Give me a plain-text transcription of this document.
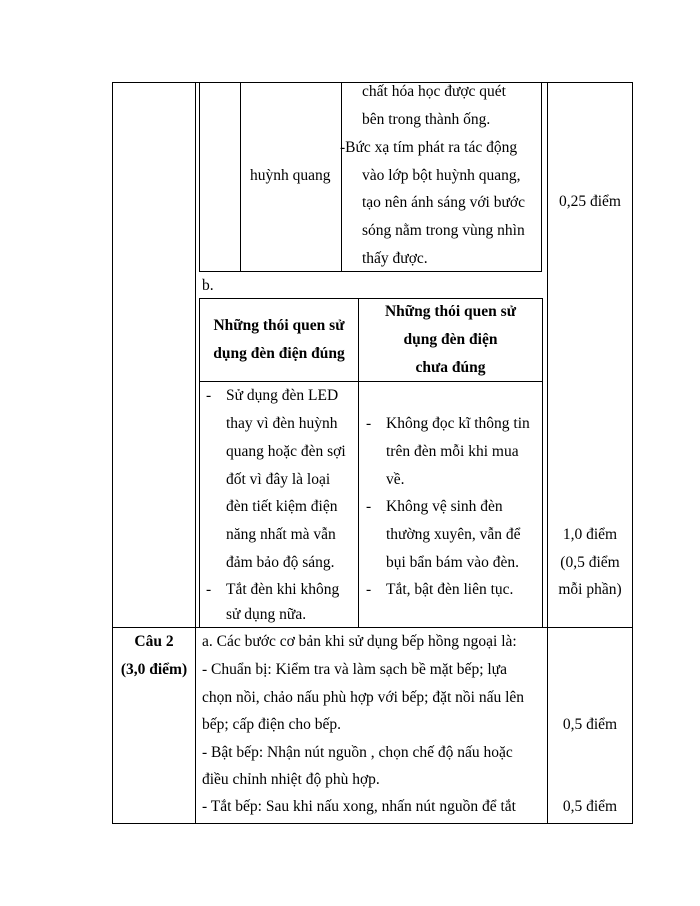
huỳnh quang
chất hóa học được quét
bên trong thành ống.
-Bức xạ tím phát ra tác động
vào lớp bột huỳnh quang,
tạo nên ánh sáng với bước
sóng nằm trong vùng nhìn
thấy được.
0,25 điểm
b.
Những thói quen sử
dụng đèn điện đúng
Những thói quen sử
dụng đèn điện
chưa đúng
- Sử dụng đèn LED
thay vì đèn huỳnh
quang hoặc đèn sợi
đốt vì đây là loại
đèn tiết kiệm điện
năng nhất mà vẫn
đảm bảo độ sáng.
- Tắt đèn khi không
sử dụng nữa.
- Không đọc kĩ thông tin
trên đèn mỗi khi mua
về.
- Không vệ sinh đèn
thường xuyên, vẫn để
bụi bẩn bám vào đèn.
- Tắt, bật đèn liên tục.
1,0 điểm
(0,5 điểm
mỗi phần)
Câu 2
(3,0 điểm)
a. Các bước cơ bản khi sử dụng bếp hồng ngoại là:
- Chuẩn bị: Kiểm tra và làm sạch bề mặt bếp; lựa
chọn nồi, chảo nấu phù hợp với bếp; đặt nồi nấu lên
bếp; cấp điện cho bếp.
- Bật bếp: Nhận nút nguồn , chọn chế độ nấu hoặc
điều chỉnh nhiệt độ phù hợp.
- Tắt bếp: Sau khi nấu xong, nhấn nút nguồn để tắt
0,5 điểm
0,5 điểm
